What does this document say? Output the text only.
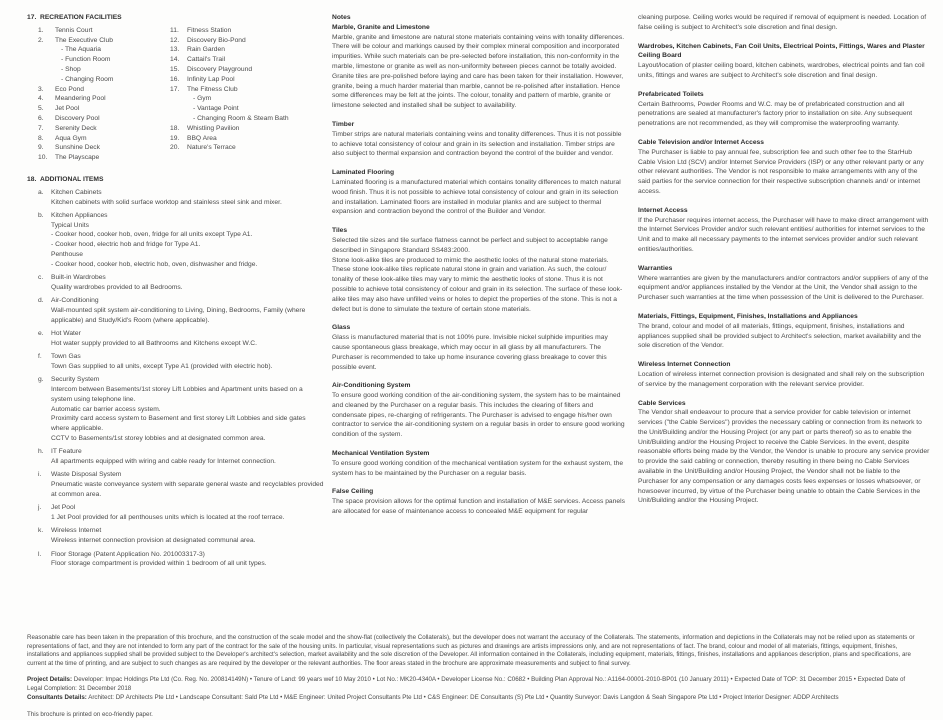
17. RECREATION FACILITIES
1.	Tennis Court
2.	The Executive Club
- The Aquaria
- Function Room
- Shop
- Changing Room
3.	Eco Pond
4.	Meandering Pool
5.	Jet Pool
6.	Discovery Pool
7.	Serenity Deck
8.	Aqua Gym
9.	Sunshine Deck
10.	The Playscape
11.	Fitness Station
12.	Discovery Bio-Pond
13.	Rain Garden
14.	Cattail's Trail
15.	Discovery Playground
16.	Infinity Lap Pool
17.	The Fitness Club
- Gym
- Vantage Point
- Changing Room & Steam Bath
18.	Whistling Pavilion
19.	BBQ Area
20.	Nature's Terrace
18. ADDITIONAL ITEMS
a.	Kitchen Cabinets
Kitchen cabinets with solid surface worktop and stainless steel sink and mixer.
b.	Kitchen Appliances
Typical Units
- Cooker hood, cooker hob, oven, fridge for all units except Type A1.
- Cooker hood, electric hob and fridge for Type A1.
Penthouse
- Cooker hood, cooker hob, electric hob, oven, dishwasher and fridge.
c.	Built-in Wardrobes
Quality wardrobes provided to all Bedrooms.
d.	Air-Conditioning
Wall-mounted split system air-conditioning to Living, Dining, Bedrooms, Family (where applicable) and Study/Kid's Room (where applicable).
e.	Hot Water
Hot water supply provided to all Bathrooms and Kitchens except W.C.
f.	Town Gas
Town Gas supplied to all units, except Type A1 (provided with electric hob).
g.	Security System
Intercom between Basements/1st storey Lift Lobbies and Apartment units based on a system using telephone line.
Automatic car barrier access system.
Proximity card access system to Basement and first storey Lift Lobbies and side gates where applicable.
CCTV to Basements/1st storey lobbies and at designated common area.
h.	IT Feature
All apartments equipped with wiring and cable ready for Internet connection.
i.	Waste Disposal System
Pneumatic waste conveyance system with separate general waste and recyclables provided at common area.
j.	Jet Pool
1 Jet Pool provided for all penthouses units which is located at the roof terrace.
k.	Wireless Internet
Wireless internet connection provision at designated communal area.
l.	Floor Storage (Patent Application No. 201003317-3)
Floor storage compartment is provided within 1 bedroom of all unit types.
Notes
Marble, Granite and Limestone
Marble, granite and limestone are natural stone materials containing veins with tonality differences. There will be colour and markings caused by their complex mineral composition and incorporated impurities. While such materials can be pre-selected before installation, this non-conformity in the marble, limestone or granite as well as non-uniformity between pieces cannot be totally avoided. Granite tiles are pre-polished before laying and care has been taken for their installation. However, granite, being a much harder material than marble, cannot be re-polished after installation. Hence some differences may be felt at the joints. The colour, tonality and pattern of marble, granite or limestone selected and installed shall be subject to availability.
Timber
Timber strips are natural materials containing veins and tonality differences. Thus it is not possible to achieve total consistency of colour and grain in its selection and installation. Timber strips are also subject to thermal expansion and contraction beyond the control of the builder and vendor.
Laminated Flooring
Laminated flooring is a manufactured material which contains tonality differences to match natural wood finish. Thus it is not possible to achieve total consistency of colour and grain in its selection and installation. Laminated floors are installed in modular planks and are subject to thermal expansion and contraction beyond the control of the Builder and Vendor.
Tiles
Selected tile sizes and tile surface flatness cannot be perfect and subject to acceptable range described in Singapore Standard SS483:2000.
Stone look-alike tiles are produced to mimic the aesthetic looks of the natural stone materials. These stone look-alike tiles replicate natural stone in grain and variation. As such, the colour/ tonality of these look-alike tiles may vary to mimic the aesthetic looks of stone. Thus it is not possible to achieve total consistency of colour and grain in its selection. The surface of these look-alike tiles may also have unfilled veins or holes to depict the properties of the stone. This is not a defect but is done to simulate the texture of certain stone materials.
Glass
Glass is manufactured material that is not 100% pure. Invisible nickel sulphide impurities may cause spontaneous glass breakage, which may occur in all glass by all manufacturers. The Purchaser is recommended to take up home insurance covering glass breakage to cover this possible event.
Air-Conditioning System
To ensure good working condition of the air-conditioning system, the system has to be maintained and cleaned by the Purchaser on a regular basis. This includes the clearing of filters and condensate pipes, re-charging of refrigerants. The Purchaser is advised to engage his/her own contractor to service the air-conditioning system on a regular basis in order to ensure good working condition of the system.
Mechanical Ventilation System
To ensure good working condition of the mechanical ventilation system for the exhaust system, the system has to be maintained by the Purchaser on a regular basis.
False Ceiling
The space provision allows for the optimal function and installation of M&E services. Access panels are allocated for ease of maintenance access to concealed M&E equipment for regular
cleaning purpose. Ceiling works would be required if removal of equipment is needed. Location of false ceiling is subject to Architect's sole discretion and final design.
Wardrobes, Kitchen Cabinets, Fan Coil Units, Electrical Points, Fittings, Wares and Plaster Ceiling Board
Layout/location of plaster ceiling board, kitchen cabinets, wardrobes, electrical points and fan coil units, fittings and wares are subject to Architect's sole discretion and final design.
Prefabricated Toilets
Certain Bathrooms, Powder Rooms and W.C. may be of prefabricated construction and all penetrations are sealed at manufacturer's factory prior to installation on site. Any subsequent penetrations are not recommended, as they will compromise the waterproofing warranty.
Cable Television and/or Internet Access
The Purchaser is liable to pay annual fee, subscription fee and such other fee to the StarHub Cable Vision Ltd (SCV) and/or Internet Service Providers (ISP) or any other relevant party or any other relevant authorities. The Vendor is not responsible to make arrangements with any of the said parties for the service connection for their respective subscription channels and/ or internet access.
Internet Access
If the Purchaser requires internet access, the Purchaser will have to make direct arrangement with the Internet Services Provider and/or such relevant entities/ authorities for internet services to the Unit and to make all necessary payments to the internet services provider and/or such relevant entities/authorities.
Warranties
Where warranties are given by the manufacturers and/or contractors and/or suppliers of any of the equipment and/or appliances installed by the Vendor at the Unit, the Vendor shall assign to the Purchaser such warranties at the time when possession of the Unit is delivered to the Purchaser.
Materials, Fittings, Equipment, Finishes, Installations and Appliances
The brand, colour and model of all materials, fittings, equipment, finishes, installations and appliances supplied shall be provided subject to Architect's selection, market availability and the sole discretion of the Vendor.
Wireless Internet Connection
Location of wireless internet connection provision is designated and shall rely on the subscription of service by the management corporation with the relevant service provider.
Cable Services
The Vendor shall endeavour to procure that a service provider for cable television or internet services ("the Cable Services") provides the necessary cabling or connection from its network to the Unit/Building and/or the Housing Project (or any part or parts thereof) so as to enable the Unit/Building and/or the Housing Project to receive the Cable Services. In the event, despite reasonable efforts being made by the Vendor, the Vendor is unable to procure any service provider to provide the said cabling or connection, thereby resulting in there being no Cable Services available in the Unit/Building and/or Housing Project, the Vendor shall not be liable to the Purchaser for any compensation or any damages costs fees expenses or losses whatsoever, or howsoever incurred, by virtue of the Purchaser being unable to obtain the Cable Services in the Unit/Building and/or the Housing Project.
Reasonable care has been taken in the preparation of this brochure, and the construction of the scale model and the show-flat (collectively the Collaterals), but the developer does not warrant the accuracy of the Collaterals. The statements, information and depictions in the Collaterals may not be relied upon as statements or representations of fact, and they are not intended to form any part of the contract for the sale of the housing units. In particular, visual representations such as pictures and drawings are artists impressions only, and are not representations of fact. The brand, colour and model of all materials, fittings, equipment, finishes, installations and appliances supplied shall be provided subject to the Developer's architect's selection, market availability and the sole discretion of the Developer. All information contained in the Collaterals, including equipment, materials, fittings, finishes, installations and appliances description, plans and specifications, are current at the time of printing, and are subject to such changes as are required by the developer or the relevant authorities. The floor areas stated in the brochure are approximate measurements and subject to final survey.

Project Details: Developer: Impac Holdings Pte Ltd (Co. Reg. No. 200814149N) • Tenure of Land: 99 years wef 10 May 2010 • Lot No.: MK20-4340A • Developer License No.: C0682 • Building Plan Approval No.: A1164-00001-2010-BP01 (10 January 2011) • Expected Date of TOP: 31 December 2015 • Expected Date of Legal Completion: 31 December 2018

Consultants Details: Architect: DP Architects Pte Ltd • Landscape Consultant: Sald Pte Ltd • M&E Engineer: United Project Consultants Pte Ltd • C&S Engineer: DE Consultants (S) Pte Ltd • Quantity Surveyor: Davis Langdon & Seah Singapore Pte Ltd • Project Interior Designer: ADDP Architects

This brochure is printed on eco-friendly paper.
